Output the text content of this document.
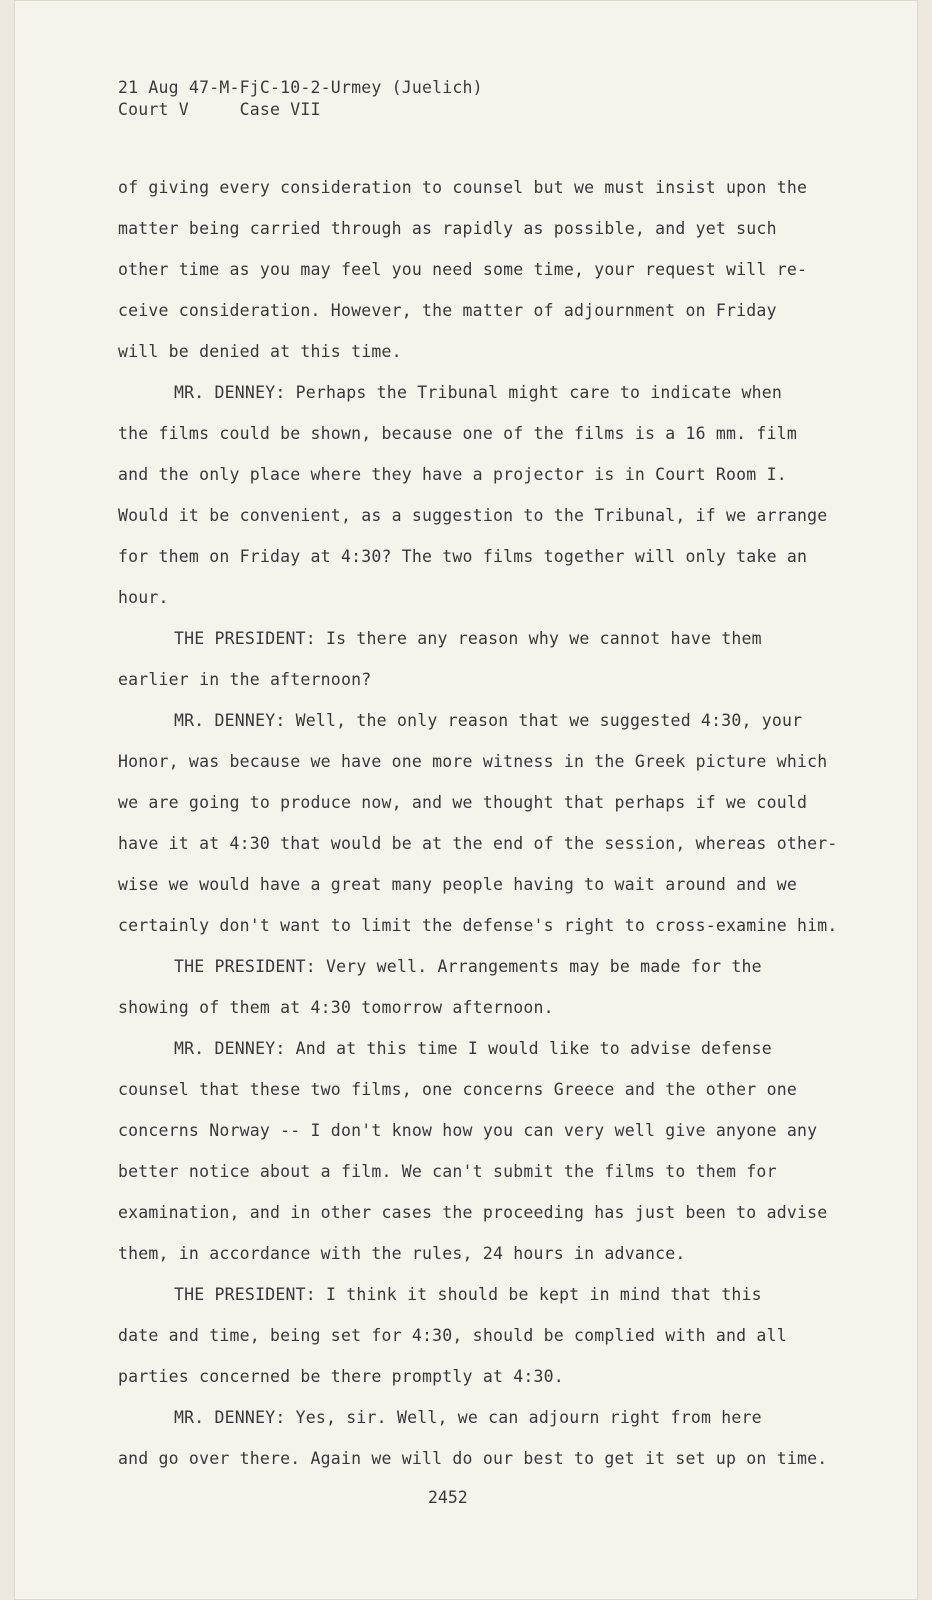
21 Aug 47-M-FjC-10-2-Urmey (Juelich)
Court V     Case VII
of giving every consideration to counsel but we must insist upon the
matter being carried through as rapidly as possible, and yet such
other time as you may feel you need some time, your request will re-
ceive consideration. However, the matter of adjournment on Friday
will be denied at this time.
MR. DENNEY: Perhaps the Tribunal might care to indicate when
the films could be shown, because one of the films is a 16 mm. film
and the only place where they have a projector is in Court Room I.
Would it be convenient, as a suggestion to the Tribunal, if we arrange
for them on Friday at 4:30? The two films together will only take an
hour.
THE PRESIDENT: Is there any reason why we cannot have them
earlier in the afternoon?
MR. DENNEY: Well, the only reason that we suggested 4:30, your
Honor, was because we have one more witness in the Greek picture which
we are going to produce now, and we thought that perhaps if we could
have it at 4:30 that would be at the end of the session, whereas other-
wise we would have a great many people having to wait around and we
certainly don't want to limit the defense's right to cross-examine him.
THE PRESIDENT: Very well. Arrangements may be made for the
showing of them at 4:30 tomorrow afternoon.
MR. DENNEY: And at this time I would like to advise defense
counsel that these two films, one concerns Greece and the other one
concerns Norway -- I don't know how you can very well give anyone any
better notice about a film. We can't submit the films to them for
examination, and in other cases the proceeding has just been to advise
them, in accordance with the rules, 24 hours in advance.
THE PRESIDENT: I think it should be kept in mind that this
date and time, being set for 4:30, should be complied with and all
parties concerned be there promptly at 4:30.
MR. DENNEY: Yes, sir. Well, we can adjourn right from here
and go over there. Again we will do our best to get it set up on time.
2452
